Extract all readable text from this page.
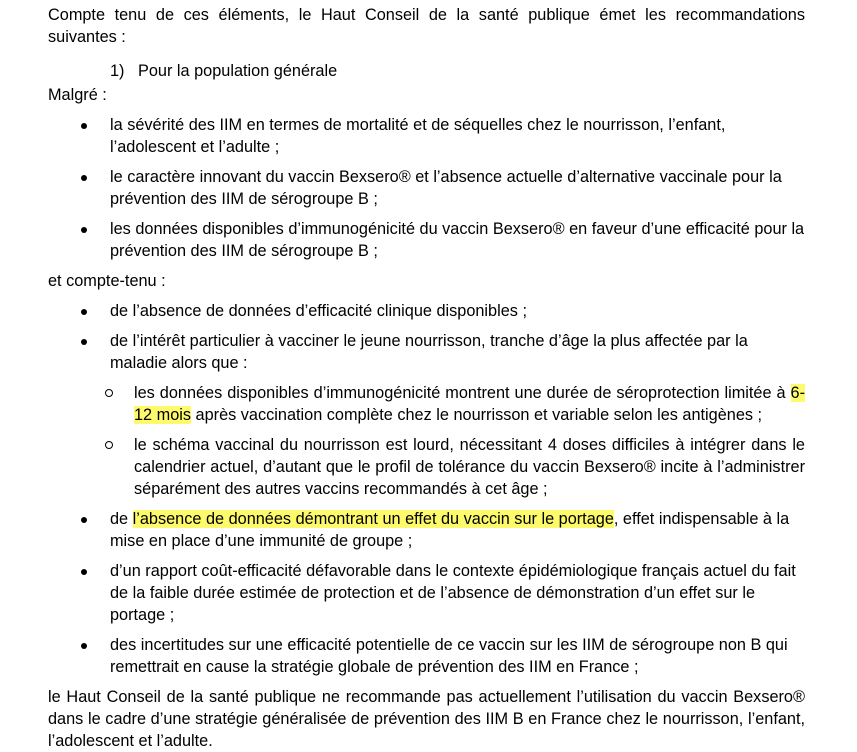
Compte tenu de ces éléments, le Haut Conseil de la santé publique émet les recommandations suivantes :

1) Pour la population générale

Malgré :

la sévérité des IIM en termes de mortalité et de séquelles chez le nourrisson, l’enfant, l’adolescent et l’adulte ;
le caractère innovant du vaccin Bexsero® et l’absence actuelle d’alternative vaccinale pour la prévention des IIM de sérogroupe B ;
les données disponibles d’immunogénicité du vaccin Bexsero® en faveur d’une efficacité pour la prévention des IIM de sérogroupe B ;

et compte-tenu :

de l’absence de données d’efficacité clinique disponibles ;
de l’intérêt particulier à vacciner le jeune nourrisson, tranche d’âge la plus affectée par la maladie alors que :
les données disponibles d’immunogénicité montrent une durée de séroprotection limitée à 6-12 mois après vaccination complète chez le nourrisson et variable selon les antigènes ;
le schéma vaccinal du nourrisson est lourd, nécessitant 4 doses difficiles à intégrer dans le calendrier actuel, d’autant que le profil de tolérance du vaccin Bexsero® incite à l’administrer séparément des autres vaccins recommandés à cet âge ;
de l’absence de données démontrant un effet du vaccin sur le portage, effet indispensable à la mise en place d’une immunité de groupe ;
d’un rapport coût-efficacité défavorable dans le contexte épidémiologique français actuel du fait de la faible durée estimée de protection et de l’absence de démonstration d’un effet sur le portage ;
des incertitudes sur une efficacité potentielle de ce vaccin sur les IIM de sérogroupe non B qui remettrait en cause la stratégie globale de prévention des IIM en France ;

le Haut Conseil de la santé publique ne recommande pas actuellement l’utilisation du vaccin Bexsero® dans le cadre d’une stratégie généralisée de prévention des IIM B en France chez le nourrisson, l’enfant, l’adolescent et l’adulte.
